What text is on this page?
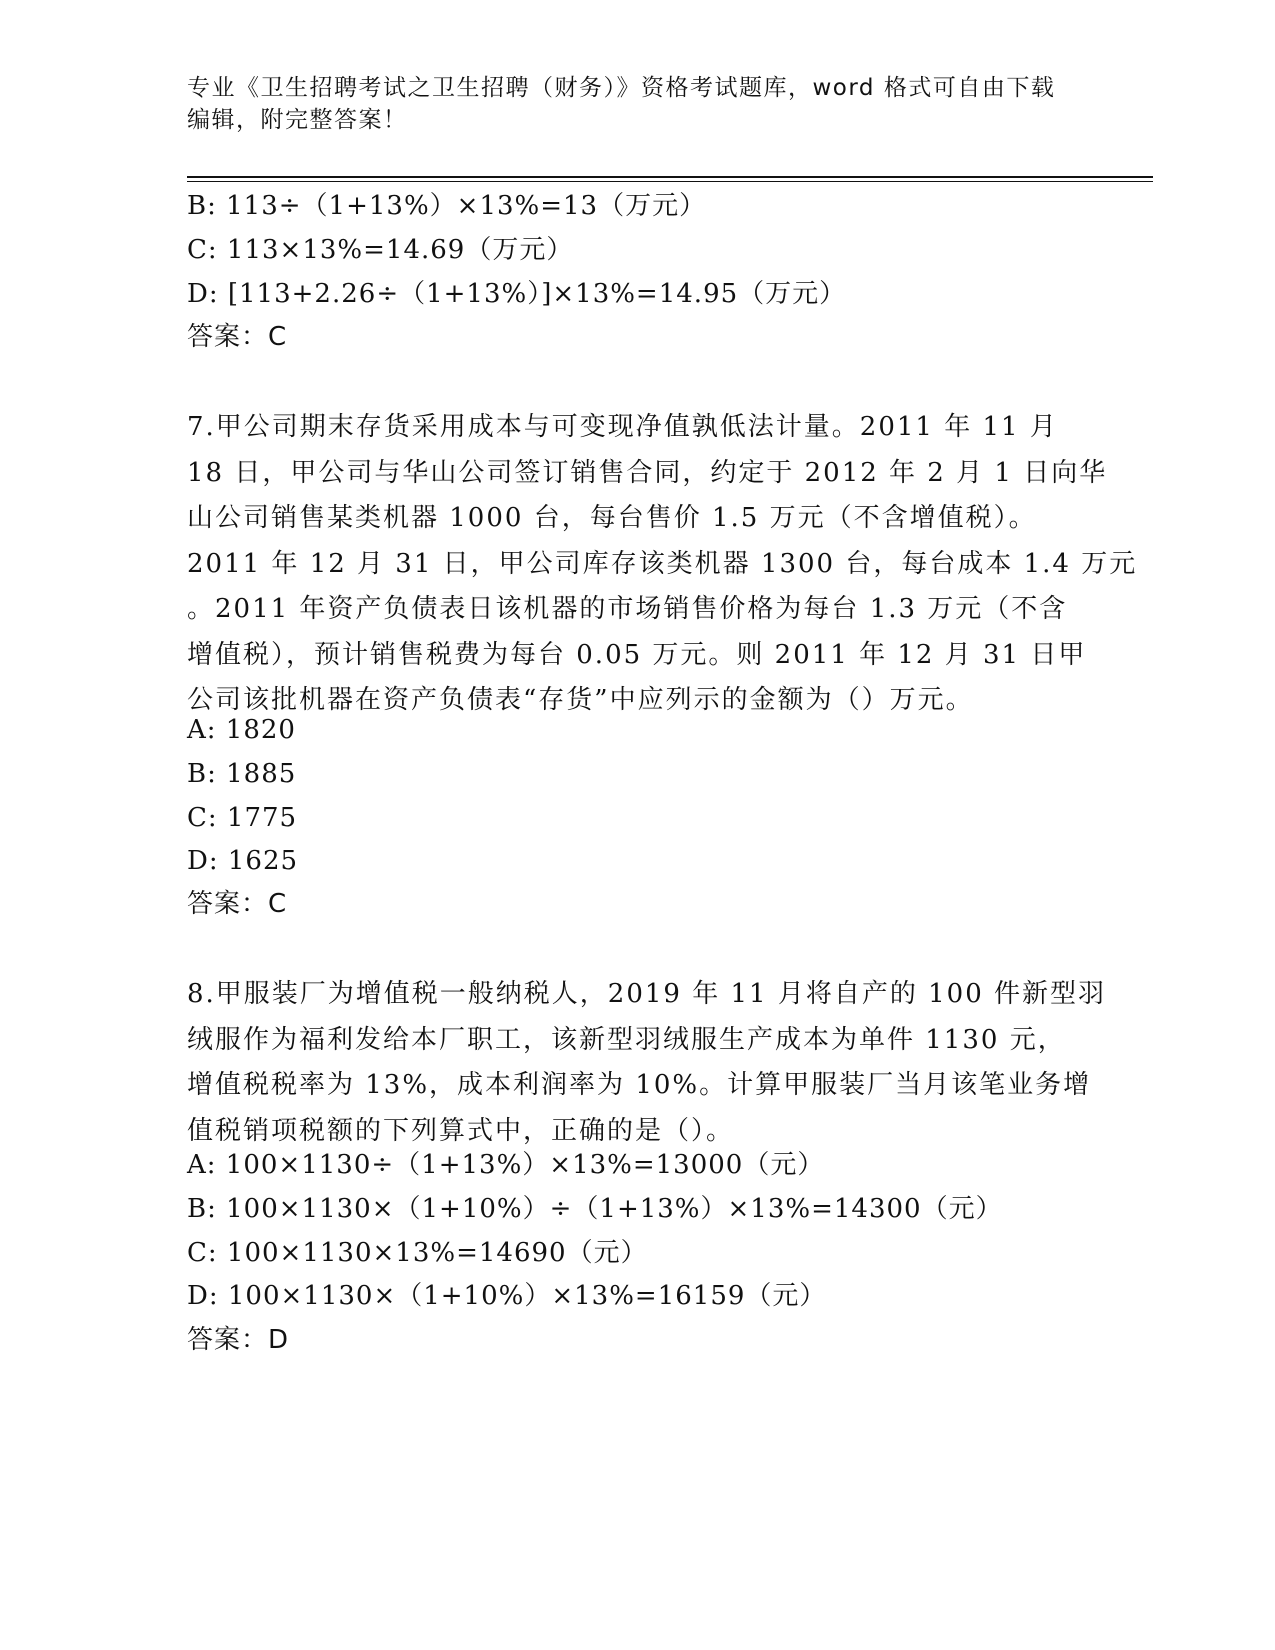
专业《卫生招聘考试之卫生招聘（财务）》资格考试题库，word 格式可自由下载
编辑，附完整答案！
B: 113÷（1+13%）×13%=13（万元）
C: 113×13%=14.69（万元）
D: [113+2.26÷（1+13%）]×13%=14.95（万元）
答案：C
7.甲公司期末存货采用成本与可变现净值孰低法计量。2011 年 11 月
18 日，甲公司与华山公司签订销售合同，约定于 2012 年 2 月 1 日向华
山公司销售某类机器 1000 台，每台售价 1.5 万元（不含增值税）。
2011 年 12 月 31 日，甲公司库存该类机器 1300 台，每台成本 1.4 万元
。2011 年资产负债表日该机器的市场销售价格为每台 1.3 万元（不含
增值税），预计销售税费为每台 0.05 万元。则 2011 年 12 月 31 日甲
公司该批机器在资产负债表“存货”中应列示的金额为（）万元。
A: 1820
B: 1885
C: 1775
D: 1625
答案：C
8.甲服装厂为增值税一般纳税人，2019 年 11 月将自产的 100 件新型羽
绒服作为福利发给本厂职工，该新型羽绒服生产成本为单件 1130 元，
增值税税率为 13%，成本利润率为 10%。计算甲服装厂当月该笔业务增
值税销项税额的下列算式中，正确的是（）。
A: 100×1130÷（1+13%）×13%=13000（元）
B: 100×1130×（1+10%）÷（1+13%）×13%=14300（元）
C: 100×1130×13%=14690（元）
D: 100×1130×（1+10%）×13%=16159（元）
答案：D
